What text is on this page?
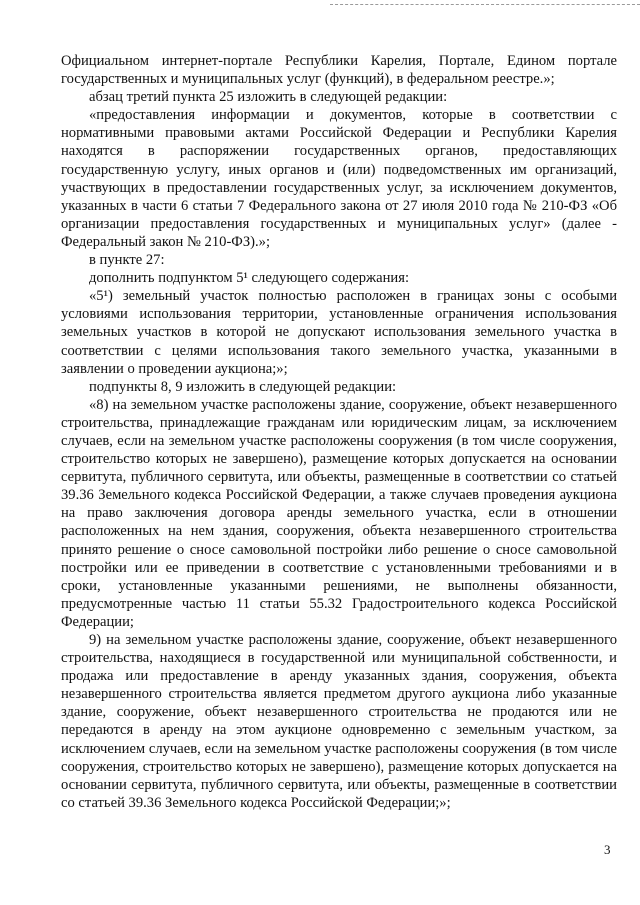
Официальном интернет-портале Республики Карелия, Портале, Едином портале государственных и муниципальных услуг (функций), в федеральном реестре.»;

абзац третий пункта 25 изложить в следующей редакции:

«предоставления информации и документов, которые в соответствии с нормативными правовыми актами Российской Федерации и Республики Карелия находятся в распоряжении государственных органов, предоставляющих государственную услугу, иных органов и (или) подведомственных им организаций, участвующих в предоставлении государственных услуг, за исключением документов, указанных в части 6 статьи 7 Федерального закона от 27 июля 2010 года № 210-ФЗ «Об организации предоставления государственных и муниципальных услуг» (далее - Федеральный закон № 210-ФЗ).»;

в пункте 27:

дополнить подпунктом 5¹ следующего содержания:

«5¹) земельный участок полностью расположен в границах зоны с особыми условиями использования территории, установленные ограничения использования земельных участков в которой не допускают использования земельного участка в соответствии с целями использования такого земельного участка, указанными в заявлении о проведении аукциона;»;

подпункты 8, 9 изложить в следующей редакции:

«8) на земельном участке расположены здание, сооружение, объект незавершенного строительства, принадлежащие гражданам или юридическим лицам, за исключением случаев, если на земельном участке расположены сооружения (в том числе сооружения, строительство которых не завершено), размещение которых допускается на основании сервитута, публичного сервитута, или объекты, размещенные в соответствии со статьей 39.36 Земельного кодекса Российской Федерации, а также случаев проведения аукциона на право заключения договора аренды земельного участка, если в отношении расположенных на нем здания, сооружения, объекта незавершенного строительства принято решение о сносе самовольной постройки либо решение о сносе самовольной постройки или ее приведении в соответствие с установленными требованиями и в сроки, установленные указанными решениями, не выполнены обязанности, предусмотренные частью 11 статьи 55.32 Градостроительного кодекса Российской Федерации;

9) на земельном участке расположены здание, сооружение, объект незавершенного строительства, находящиеся в государственной или муниципальной собственности, и продажа или предоставление в аренду указанных здания, сооружения, объекта незавершенного строительства является предметом другого аукциона либо указанные здание, сооружение, объект незавершенного строительства не продаются или не передаются в аренду на этом аукционе одновременно с земельным участком, за исключением случаев, если на земельном участке расположены сооружения (в том числе сооружения, строительство которых не завершено), размещение которых допускается на основании сервитута, публичного сервитута, или объекты, размещенные в соответствии со статьей 39.36 Земельного кодекса Российской Федерации;»;

3
